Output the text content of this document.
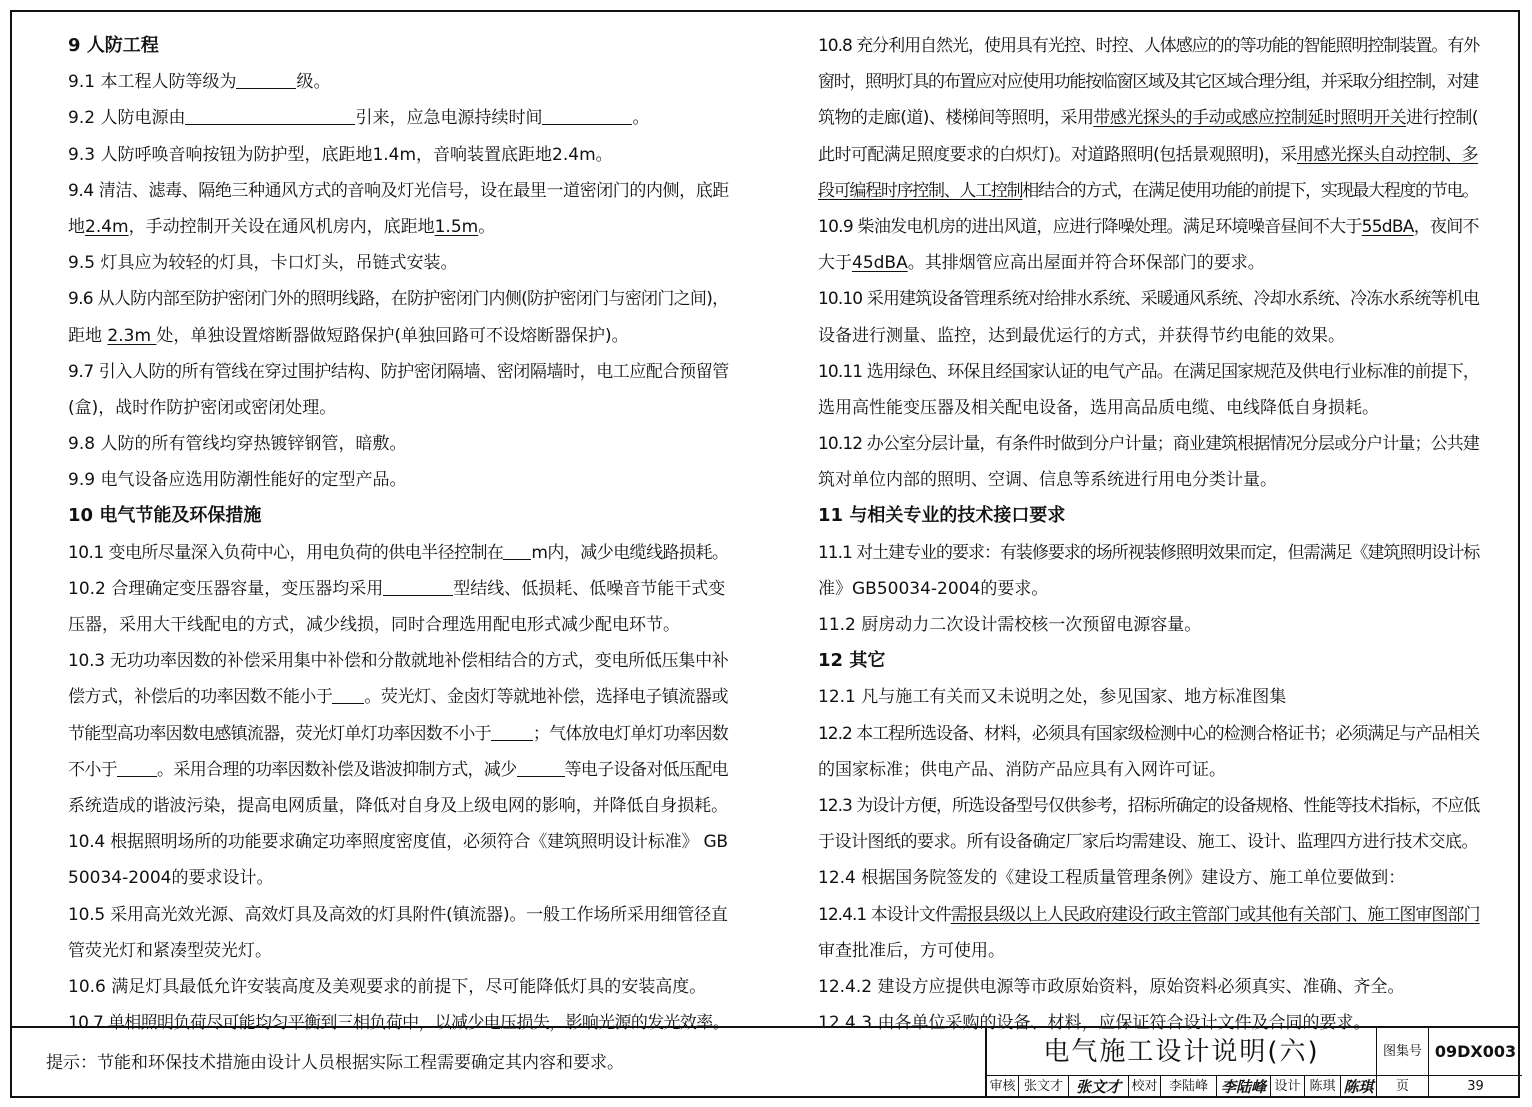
9 人防工程
9.1 本工程人防等级为	级。
9.2 人防电源由	引来，应急电源持续时间	。
9.3 人防呼唤音响按钮为防护型，底距地1.4m，音响装置底距地2.4m。
9.4 清洁、滤毒、隔绝三种通风方式的音响及灯光信号，设在最里一道密闭门的内侧，底距
地2.4m，手动控制开关设在通风机房内，底距地1.5m。
9.5 灯具应为较轻的灯具，卡口灯头，吊链式安装。
9.6 从人防内部至防护密闭门外的照明线路，在防护密闭门内侧(防护密闭门与密闭门之间)，
距地 2.3m 处，单独设置熔断器做短路保护(单独回路可不设熔断器保护)。
9.7 引入人防的所有管线在穿过围护结构、防护密闭隔墙、密闭隔墙时，电工应配合预留管
(盒)，战时作防护密闭或密闭处理。
9.8 人防的所有管线均穿热镀锌钢管，暗敷。
9.9 电气设备应选用防潮性能好的定型产品。
10 电气节能及环保措施
10.1 变电所尽量深入负荷中心，用电负荷的供电半径控制在 m内，减少电缆线路损耗。
10.2 合理确定变压器容量，变压器均采用	型结线、低损耗、低噪音节能干式变
压器，采用大干线配电的方式，减少线损，同时合理选用配电形式减少配电环节。
10.3 无功功率因数的补偿采用集中补偿和分散就地补偿相结合的方式，变电所低压集中补
偿方式，补偿后的功率因数不能小于 。荧光灯、金卤灯等就地补偿，选择电子镇流器或
节能型高功率因数电感镇流器，荧光灯单灯功率因数不小于 ；气体放电灯单灯功率因数
不小于 。采用合理的功率因数补偿及谐波抑制方式，减少	等电子设备对低压配电
系统造成的谐波污染，提高电网质量，降低对自身及上级电网的影响，并降低自身损耗。
10.4 根据照明场所的功能要求确定功率照度密度值，必须符合《建筑照明设计标准》 GB
50034-2004的要求设计。
10.5 采用高光效光源、高效灯具及高效的灯具附件(镇流器)。一般工作场所采用细管径直
管荧光灯和紧凑型荧光灯。
10.6 满足灯具最低允许安装高度及美观要求的前提下，尽可能降低灯具的安装高度。
10.7 单相照明负荷尽可能均匀平衡到三相负荷中，以减少电压损失，影响光源的发光效率。
10.8 充分利用自然光，使用具有光控、时控、人体感应的的等功能的智能照明控制装置。有外
窗时，照明灯具的布置应对应使用功能按临窗区域及其它区域合理分组，并采取分组控制，对建
筑物的走廊(道)、楼梯间等照明，采用带感光探头的手动或感应控制延时照明开关进行控制(
此时可配满足照度要求的白炽灯)。对道路照明(包括景观照明)，采用感光探头自动控制、多
段可编程时序控制、人工控制相结合的方式，在满足使用功能的前提下，实现最大程度的节电。
10.9 柴油发电机房的进出风道，应进行降噪处理。满足环境噪音昼间不大于55dBA，夜间不
大于45dBA。其排烟管应高出屋面并符合环保部门的要求。
10.10 采用建筑设备管理系统对给排水系统、采暖通风系统、冷却水系统、冷冻水系统等机电
设备进行测量、监控，达到最优运行的方式，并获得节约电能的效果。
10.11 选用绿色、环保且经国家认证的电气产品。在满足国家规范及供电行业标准的前提下，
选用高性能变压器及相关配电设备，选用高品质电缆、电线降低自身损耗。
10.12 办公室分层计量，有条件时做到分户计量；商业建筑根据情况分层或分户计量；公共建
筑对单位内部的照明、空调、信息等系统进行用电分类计量。
11 与相关专业的技术接口要求
11.1 对土建专业的要求：有装修要求的场所视装修照明效果而定，但需满足《建筑照明设计标
准》GB50034-2004的要求。
11.2 厨房动力二次设计需校核一次预留电源容量。
12 其它
12.1 凡与施工有关而又未说明之处，参见国家、地方标准图集
12.2 本工程所选设备、材料，必须具有国家级检测中心的检测合格证书；必须满足与产品相关
的国家标准；供电产品、消防产品应具有入网许可证。
12.3 为设计方便，所选设备型号仅供参考，招标所确定的设备规格、性能等技术指标，不应低
于设计图纸的要求。所有设备确定厂家后均需建设、施工、设计、监理四方进行技术交底。
12.4 根据国务院签发的《建设工程质量管理条例》建设方、施工单位要做到：
12.4.1 本设计文件需报县级以上人民政府建设行政主管部门或其他有关部门、施工图审图部门
审查批准后，方可使用。
12.4.2 建设方应提供电源等市政原始资料，原始资料必须真实、准确、齐全。
12.4.3 由各单位采购的设备、材料，应保证符合设计文件及合同的要求。
提示：节能和环保技术措施由设计人员根据实际工程需要确定其内容和要求。	电气施工设计说明(六)	图集号 09DX003
审核 张文才 张文才 校对 李陆峰 李陆峰 设计 陈琪 陈琪	页	39
